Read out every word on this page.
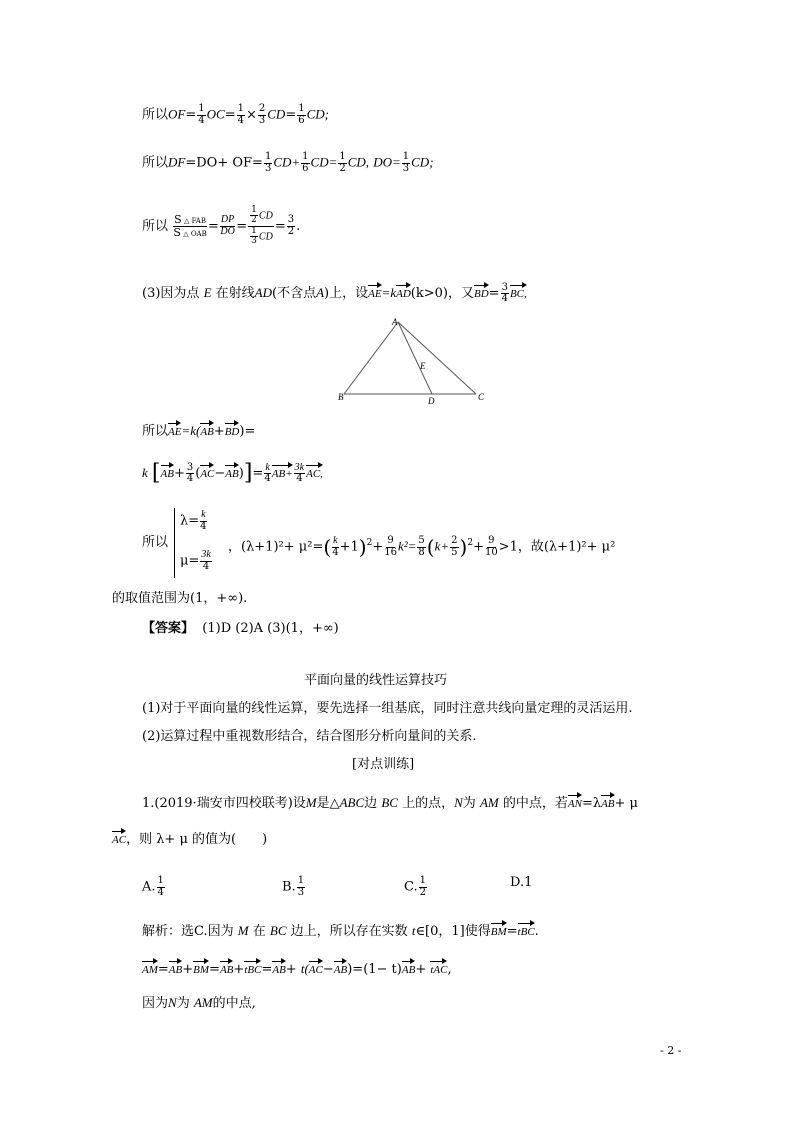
所以$OF= \frac{1}{4} OC= \frac{1}{4} \times \frac{2}{3} CD= \frac{1}{6}$ CD;
所以$DF=DO+ OF= \frac{1}{3} CD+ \frac{1}{6} CD= \frac{1}{2}$ CD, $DO= \frac{1}{3}$ CD;
所以 S △ FAB
S △ OAB = $\frac{DP}{DO} = \frac{\frac{1}{2} CD}{\frac{1}{3} CD} = \frac{3}{2}$ .
(3)因为点 E 在射线AD(不含点A)上，设AE=kAD(k>0)，又$BD= \frac{3}{4}$ BC,
A
B	C
D
E
所以AE=k(AB+BD)=
k $[AB+ \frac{3}{4} (AC-AB)]= \frac{k}{4} AB+ \frac{3k}{4}$ AC,
所以
$\lambda= \frac{k}{4}$
$\mu= \frac{3k}{4}$
，$(\lambda+1)^2+ \mu^2=( \frac{k}{4} +1)^2+ \frac{9}{16} k^2= \frac{5}{8} (k+ \frac{2}{5} )^2+ \frac{9}{10} >1$，故(λ+1)²+ μ²
的取值范围为(1，+∞).
【答案】 (1)D (2)A (3)(1，+∞)
平面向量的线性运算技巧
(1)对于平面向量的线性运算，要先选择一组基底，同时注意共线向量定理的灵活运用.
(2)运算过程中重视数形结合，结合图形分析向量间的关系.
[对点训练]
1.(2019·瑞安市四校联考)设M是△ABC边 BC 上的点，N为 AM 的中点，若AN=λAB+ μ
AC，则 λ+ μ 的值为(　　)
A. $\frac{1}{4}$	B. $\frac{1}{3}$	C. $\frac{1}{2}$	D.1
解析：选C.因为 M 在 BC 边上，所以存在实数 t∈[0，1]使得BM=tBC.
AM=AB+BM=AB+tBC=AB+ t(AC−AB)=(1− t)AB+ tAC,
因为N为 AM的中点,
- 2 -
